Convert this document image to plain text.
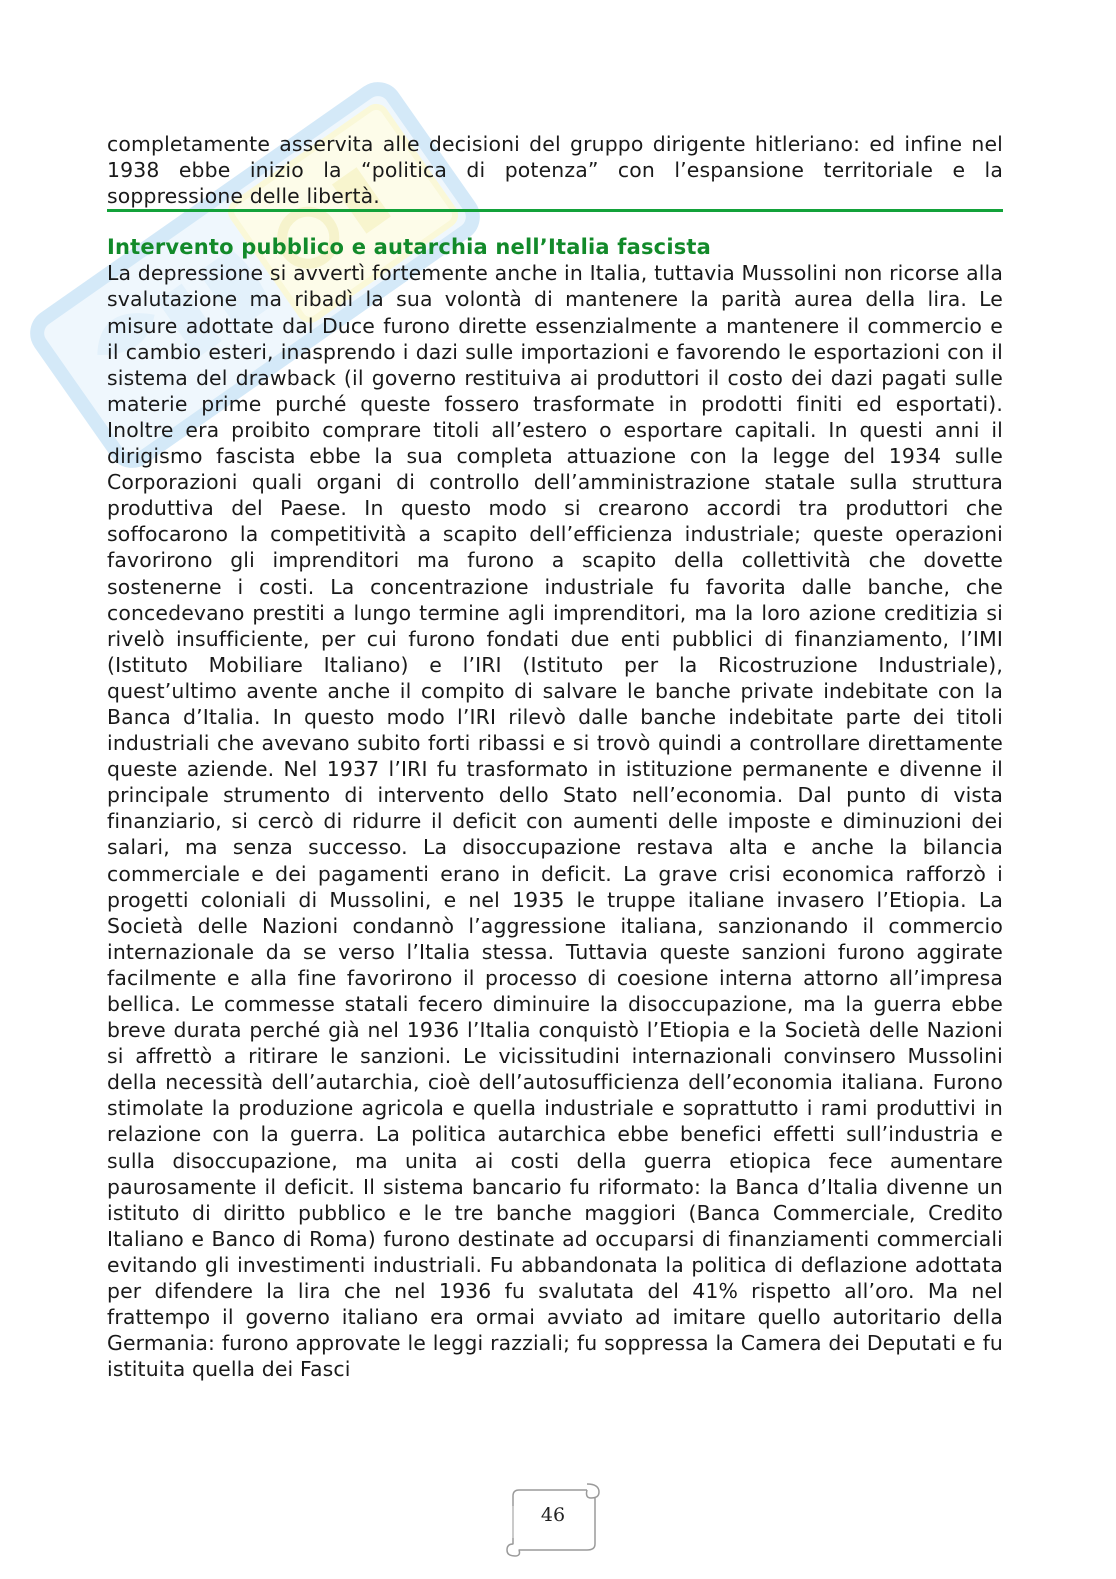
completamente asservita alle decisioni del gruppo dirigente hitleriano: ed infine nel 1938 ebbe inizio la “politica di potenza” con l’espansione territoriale e la soppressione delle libertà.

Intervento pubblico e autarchia nell’Italia fascista

La depressione si avvertì fortemente anche in Italia, tuttavia Mussolini non ricorse alla svalutazione ma ribadì la sua volontà di mantenere la parità aurea della lira. Le misure adottate dal Duce furono dirette essenzialmente a mantenere il commercio e il cambio esteri, inasprendo i dazi sulle importazioni e favorendo le esportazioni con il sistema del drawback (il governo restituiva ai produttori il costo dei dazi pagati sulle materie prime purché queste fossero trasformate in prodotti finiti ed esportati). Inoltre era proibito comprare titoli all’estero o esportare capitali. In questi anni il dirigismo fascista ebbe la sua completa attuazione con la legge del 1934 sulle Corporazioni quali organi di controllo dell’amministrazione statale sulla struttura produttiva del Paese. In questo modo si crearono accordi tra produttori che soffocarono la competitività a scapito dell’efficienza industriale; queste operazioni favorirono gli imprenditori ma furono a scapito della collettività che dovette sostenerne i costi. La concentrazione industriale fu favorita dalle banche, che concedevano prestiti a lungo termine agli imprenditori, ma la loro azione creditizia si rivelò insufficiente, per cui furono fondati due enti pubblici di finanziamento, l’IMI (Istituto Mobiliare Italiano) e l’IRI (Istituto per la Ricostruzione Industriale), quest’ultimo avente anche il compito di salvare le banche private indebitate con la Banca d’Italia. In questo modo l’IRI rilevò dalle banche indebitate parte dei titoli industriali che avevano subito forti ribassi e si trovò quindi a controllare direttamente queste aziende. Nel 1937 l’IRI fu trasformato in istituzione permanente e divenne il principale strumento di intervento dello Stato nell’economia. Dal punto di vista finanziario, si cercò di ridurre il deficit con aumenti delle imposte e diminuzioni dei salari, ma senza successo. La disoccupazione restava alta e anche la bilancia commerciale e dei pagamenti erano in deficit. La grave crisi economica rafforzò i progetti coloniali di Mussolini, e nel 1935 le truppe italiane invasero l’Etiopia. La Società delle Nazioni condannò l’aggressione italiana, sanzionando il commercio internazionale da se verso l’Italia stessa. Tuttavia queste sanzioni furono aggirate facilmente e alla fine favorirono il processo di coesione interna attorno all’impresa bellica. Le commesse statali fecero diminuire la disoccupazione, ma la guerra ebbe breve durata perché già nel 1936 l’Italia conquistò l’Etiopia e la Società delle Nazioni si affrettò a ritirare le sanzioni. Le vicissitudini internazionali convinsero Mussolini della necessità dell’autarchia, cioè dell’autosufficienza dell’economia italiana. Furono stimolate la produzione agricola e quella industriale e soprattutto i rami produttivi in relazione con la guerra. La politica autarchica ebbe benefici effetti sull’industria e sulla disoccupazione, ma unita ai costi della guerra etiopica fece aumentare paurosamente il deficit. Il sistema bancario fu riformato: la Banca d’Italia divenne un istituto di diritto pubblico e le tre banche maggiori (Banca Commerciale, Credito Italiano e Banco di Roma) furono destinate ad occuparsi di finanziamenti commerciali evitando gli investimenti industriali. Fu abbandonata la politica di deflazione adottata per difendere la lira che nel 1936 fu svalutata del 41% rispetto all’oro. Ma nel frattempo il governo italiano era ormai avviato ad imitare quello autoritario della Germania: furono approvate le leggi razziali; fu soppressa la Camera dei Deputati e fu istituita quella dei Fasci

46
